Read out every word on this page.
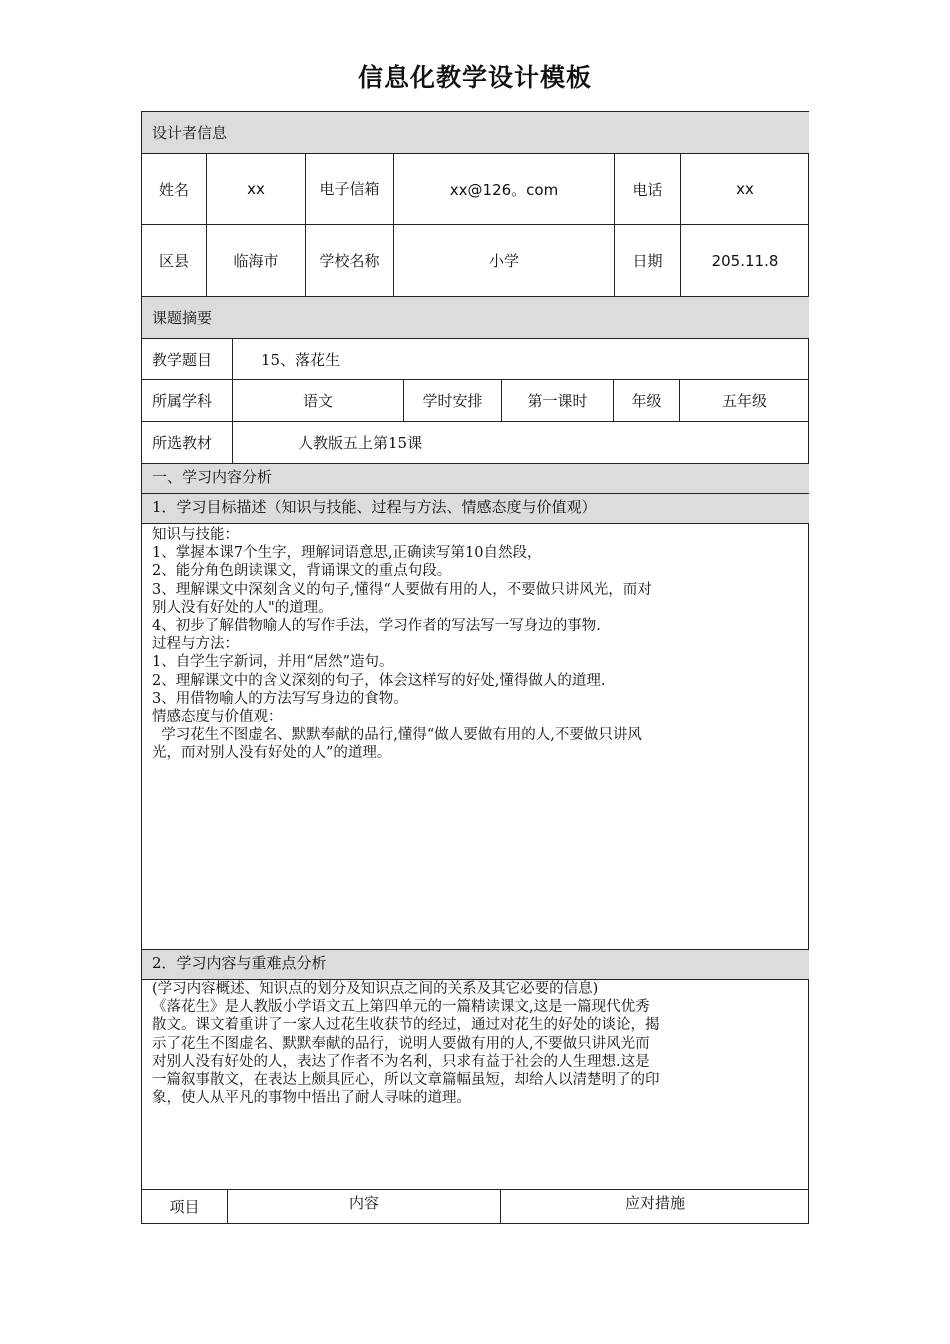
信息化教学设计模板
设计者信息
姓名	xx	电子信箱	xx@126。com	电话	xx
区县	临海市	学校名称	小学	日期	205.11.8
课题摘要
教学题目	15、落花生
所属学科	语文	学时安排	第一课时	年级	五年级
所选教材	人教版五上第15课
一、学习内容分析
1．学习目标描述（知识与技能、过程与方法、情感态度与价值观）
知识与技能：
1、掌握本课7个生字，理解词语意思,正确读写第10自然段，
2、能分角色朗读课文，背诵课文的重点句段。
3、理解课文中深刻含义的句子,懂得“人要做有用的人，不要做只讲风光，而对
别人没有好处的人"的道理。
4、初步了解借物喻人的写作手法，学习作者的写法写一写身边的事物.
过程与方法：
1、自学生字新词，并用“居然”造句。
2、理解课文中的含义深刻的句子，体会这样写的好处,懂得做人的道理.
3、用借物喻人的方法写写身边的食物。
情感态度与价值观：
学习花生不图虚名、默默奉献的品行,懂得“做人要做有用的人,不要做只讲风
光，而对别人没有好处的人”的道理。
2．学习内容与重难点分析
(学习内容概述、知识点的划分及知识点之间的关系及其它必要的信息)
《落花生》是人教版小学语文五上第四单元的一篇精读课文,这是一篇现代优秀
散文。课文着重讲了一家人过花生收获节的经过，通过对花生的好处的谈论，揭
示了花生不图虚名、默默奉献的品行，说明人要做有用的人,不要做只讲风光而
对别人没有好处的人，表达了作者不为名利，只求有益于社会的人生理想.这是
一篇叙事散文，在表达上颇具匠心，所以文章篇幅虽短，却给人以清楚明了的印
象，使人从平凡的事物中悟出了耐人寻味的道理。
项目	内容	应对措施
